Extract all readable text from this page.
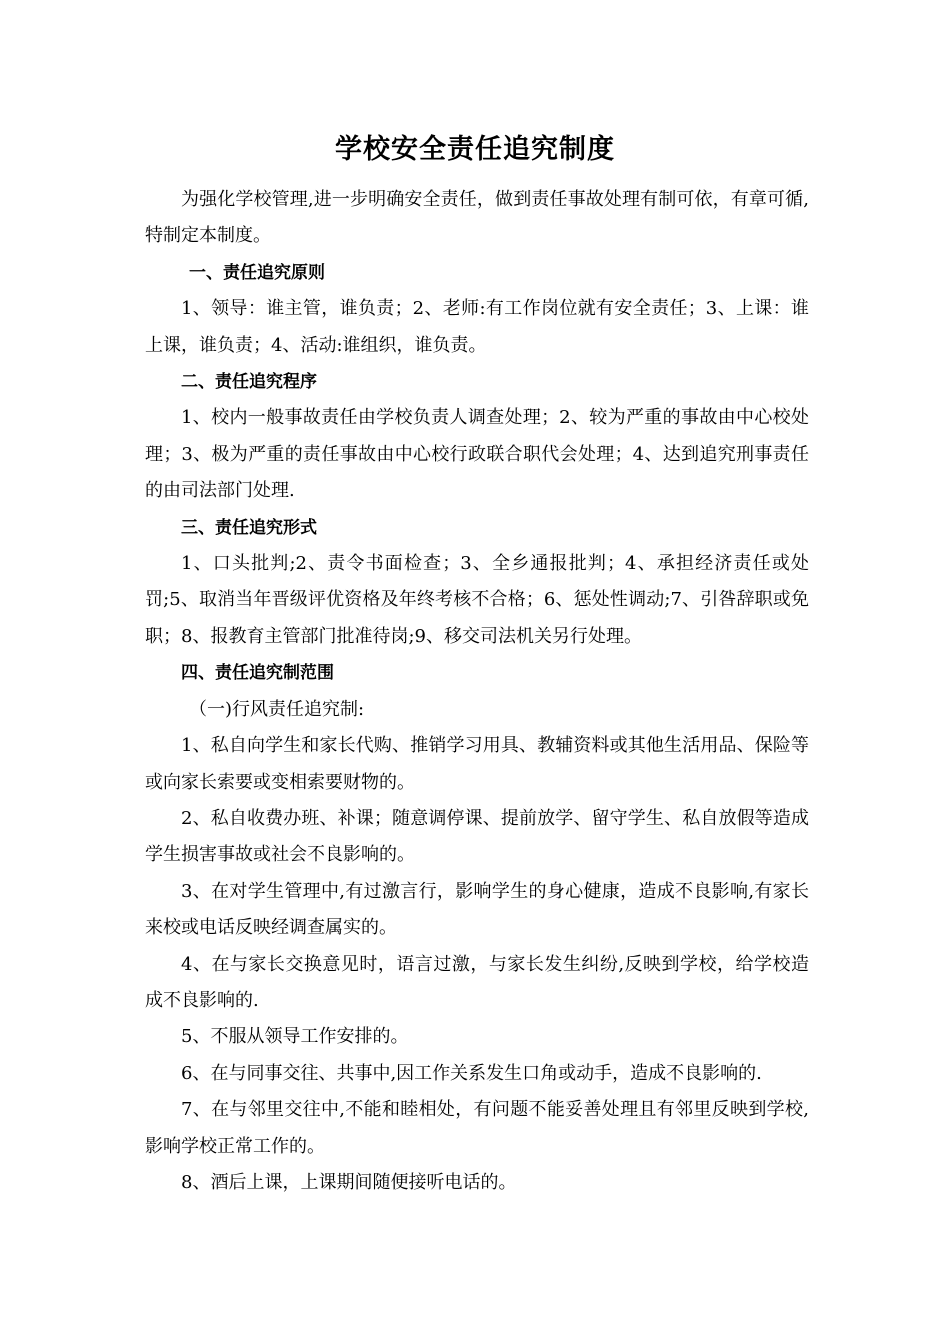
学校安全责任追究制度

为强化学校管理,进一步明确安全责任，做到责任事故处理有制可依，有章可循,特制定本制度。

一、责任追究原则

1、领导：谁主管，谁负责；2、老师:有工作岗位就有安全责任；3、上课：谁上课，谁负责；4、活动:谁组织，谁负责。

二、责任追究程序

1、校内一般事故责任由学校负责人调查处理；2、较为严重的事故由中心校处理；3、极为严重的责任事故由中心校行政联合职代会处理；4、达到追究刑事责任的由司法部门处理.

三、责任追究形式

1、口头批判;2、责令书面检查；3、全乡通报批判；4、承担经济责任或处罚;5、取消当年晋级评优资格及年终考核不合格；6、惩处性调动;7、引咎辞职或免职；8、报教育主管部门批准待岗;9、移交司法机关另行处理。

四、责任追究制范围

（一)行风责任追究制:

1、私自向学生和家长代购、推销学习用具、教辅资料或其他生活用品、保险等或向家长索要或变相索要财物的。

2、私自收费办班、补课；随意调停课、提前放学、留守学生、私自放假等造成学生损害事故或社会不良影响的。

3、在对学生管理中,有过激言行，影响学生的身心健康，造成不良影响,有家长来校或电话反映经调查属实的。

4、在与家长交换意见时，语言过激，与家长发生纠纷,反映到学校，给学校造成不良影响的.

5、不服从领导工作安排的。

6、在与同事交往、共事中,因工作关系发生口角或动手，造成不良影响的.

7、在与邻里交往中,不能和睦相处，有问题不能妥善处理且有邻里反映到学校,影响学校正常工作的。

8、酒后上课，上课期间随便接听电话的。
